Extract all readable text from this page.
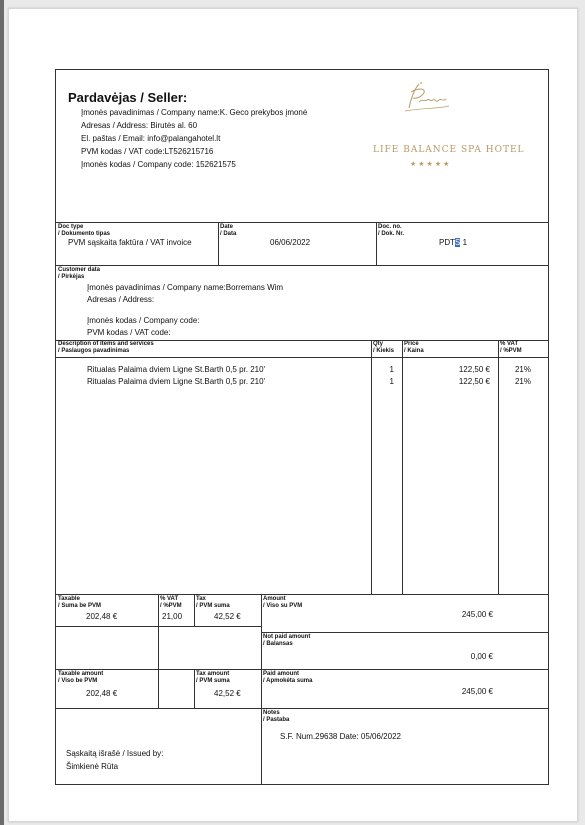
Pardavėjas / Seller:
Įmonės pavadinimas / Company name:K. Geco prekybos įmonė
Adresas / Address: Birutės al. 60
El. paštas / Email: info@palangahotel.lt
PVM kodas / VAT code:LT526215716
Įmonės kodas / Company code: 152621575
LIFE BALANCE SPA HOTEL
★★★★★
Doc type
/ Dokumento tipas
PVM sąskaita faktūra / VAT invoice
Date
/ Data
06/06/2022
Doc. no.
/ Dok. Nr.
PDTS 1
Customer data
/ Pirkėjas
Įmonės pavadinimas / Company name:Borremans Wim
Adresas / Address:
Įmonės kodas / Company code:
PVM kodas / VAT code:
Description of items and services
/ Paslaugos pavadinimas
Qty
/ Kiekis
Price
/ Kaina
% VAT
/ %PVM
Ritualas Palaima dviem Ligne St.Barth 0,5 pr. 210'	1	122,50 €	21%
Ritualas Palaima dviem Ligne St.Barth 0,5 pr. 210'	1	122,50 €	21%
Taxable
/ Suma be PVM
202,48 €
% VAT
/ %PVM
21,00
Tax
/ PVM suma
42,52 €
Amount
/ Viso su PVM
245,00 €
Not paid amount
/ Balansas
0,00 €
Taxable amount
/ Viso be PVM
202,48 €
Tax amount
/ PVM suma
42,52 €
Paid amount
/ Apmokėta suma
245,00 €
Sąskaitą išrašė / Issued by:
Šimkienė Rūta
Notes
/ Pastaba
S.F. Num.29638 Date: 05/06/2022
